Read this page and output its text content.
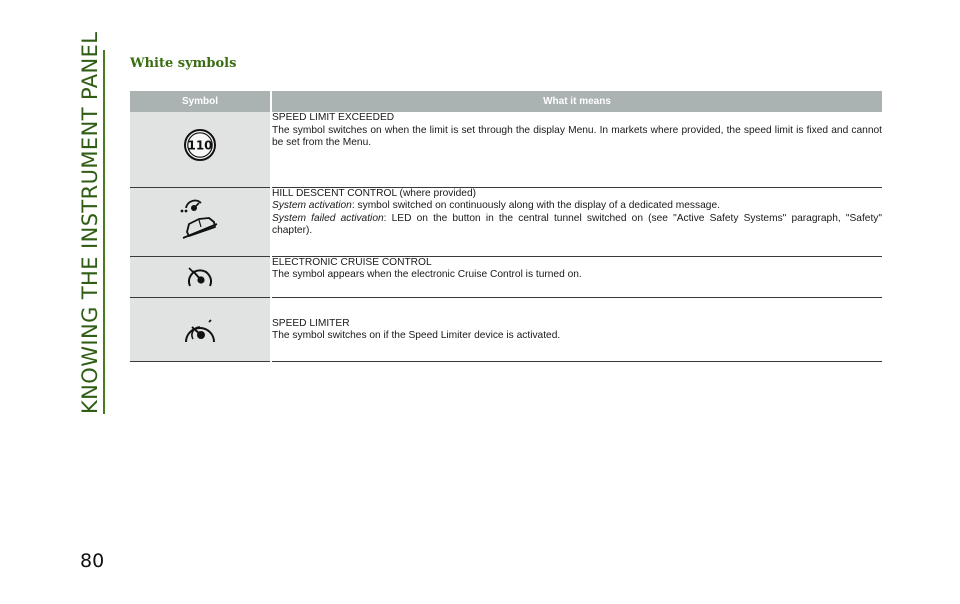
KNOWING THE INSTRUMENT PANEL
80
White symbols
Symbol	What it means

110	SPEED LIMIT EXCEEDED
The symbol switches on when the limit is set through the display Menu. In markets where provided, the speed limit is fixed and cannot be set from the Menu.

HILL DESCENT CONTROL (where provided)
System activation: symbol switched on continuously along with the display of a dedicated message.
System failed activation: LED on the button in the central tunnel switched on (see "Active Safety Systems" paragraph, "Safety" chapter).

ELECTRONIC CRUISE CONTROL
The symbol appears when the electronic Cruise Control is turned on.

SPEED LIMITER
The symbol switches on if the Speed Limiter device is activated.
